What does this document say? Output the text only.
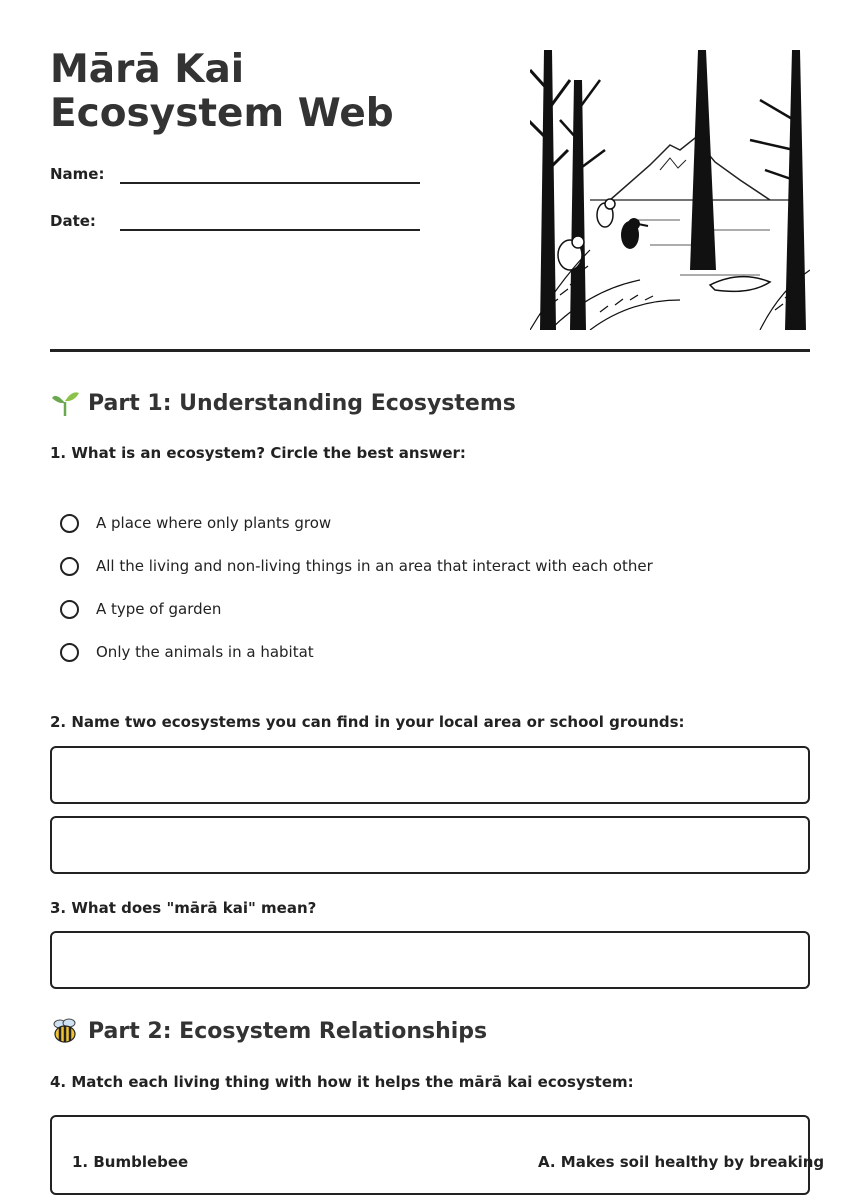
Mārā Kai Ecosystem Web
Name:
Date:
Part 1: Understanding Ecosystems

1. What is an ecosystem? Circle the best answer:

A place where only plants grow
All the living and non-living things in an area that interact with each other
A type of garden
Only the animals in a habitat

2. Name two ecosystems you can find in your local area or school grounds:

3. What does "mārā kai" mean?

Part 2: Ecosystem Relationships

4. Match each living thing with how it helps the mārā kai ecosystem:

1. Bumblebee	A. Makes soil healthy by breaking
